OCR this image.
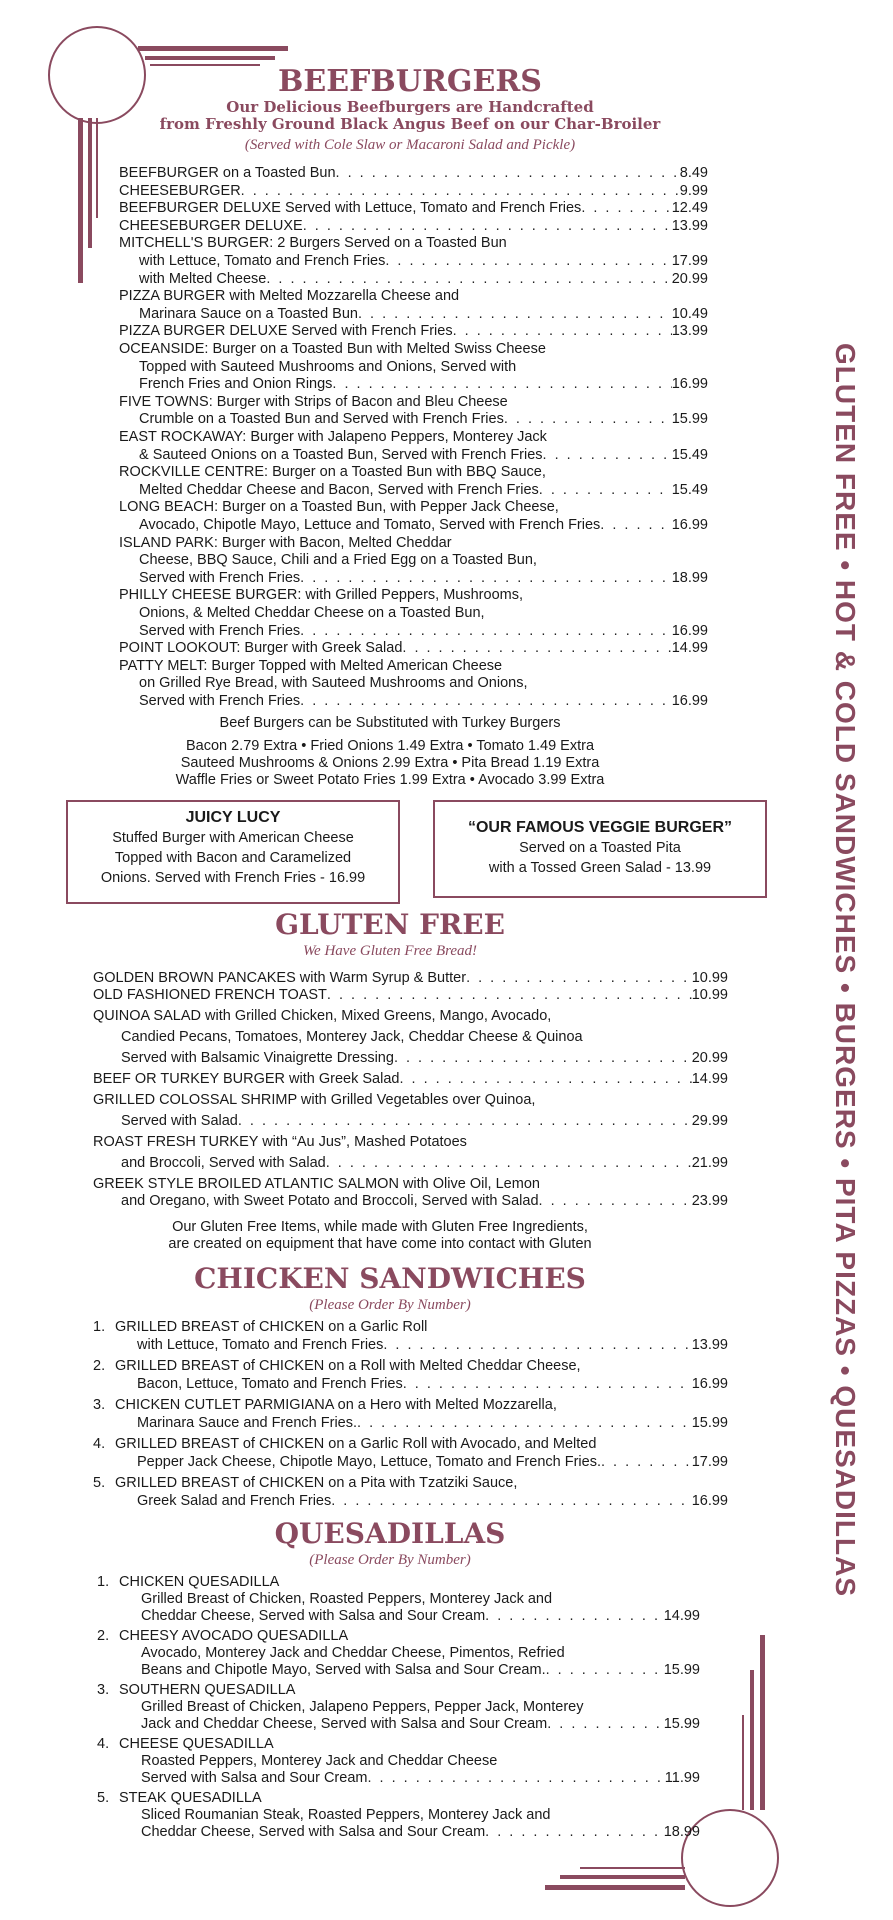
GLUTEN FREE • HOT & COLD SANDWICHES • BURGERS • PITA PIZZAS • QUESADILLAS
BEEFBURGERS
Our Delicious Beefburgers are Handcrafted
from Freshly Ground Black Angus Beef on our Char-Broiler
(Served with Cole Slaw or Macaroni Salad and Pickle)
BEEFBURGER on a Toasted Bun . . .	8.49
CHEESEBURGER . . .	9.99
BEEFBURGER DELUXE Served with Lettuce, Tomato and French Fries . . .	12.49
CHEESEBURGER DELUXE . . .	13.99
MITCHELL'S BURGER: 2 Burgers Served on a Toasted Bun
with Lettuce, Tomato and French Fries . . .	17.99
with Melted Cheese . . .	20.99
PIZZA BURGER with Melted Mozzarella Cheese and
Marinara Sauce on a Toasted Bun . . .	10.49
PIZZA BURGER DELUXE Served with French Fries . . .	13.99
OCEANSIDE: Burger on a Toasted Bun with Melted Swiss Cheese
Topped with Sauteed Mushrooms and Onions, Served with
French Fries and Onion Rings . . .	16.99
FIVE TOWNS: Burger with Strips of Bacon and Bleu Cheese
Crumble on a Toasted Bun and Served with French Fries . . .	15.99
EAST ROCKAWAY: Burger with Jalapeno Peppers, Monterey Jack
& Sauteed Onions on a Toasted Bun, Served with French Fries . . .	15.49
ROCKVILLE CENTRE: Burger on a Toasted Bun with BBQ Sauce,
Melted Cheddar Cheese and Bacon, Served with French Fries . . .	15.49
LONG BEACH: Burger on a Toasted Bun, with Pepper Jack Cheese,
Avocado, Chipotle Mayo, Lettuce and Tomato, Served with French Fries . . .	16.99
ISLAND PARK: Burger with Bacon, Melted Cheddar
Cheese, BBQ Sauce, Chili and a Fried Egg on a Toasted Bun,
Served with French Fries . . .	18.99
PHILLY CHEESE BURGER: with Grilled Peppers, Mushrooms,
Onions, & Melted Cheddar Cheese on a Toasted Bun,
Served with French Fries . . .	16.99
POINT LOOKOUT: Burger with Greek Salad . . .	14.99
PATTY MELT: Burger Topped with Melted American Cheese
on Grilled Rye Bread, with Sauteed Mushrooms and Onions,
Served with French Fries . . .	16.99
Beef Burgers can be Substituted with Turkey Burgers
Bacon 2.79 Extra • Fried Onions 1.49 Extra • Tomato 1.49 Extra
Sauteed Mushrooms & Onions 2.99 Extra • Pita Bread 1.19 Extra
Waffle Fries or Sweet Potato Fries 1.99 Extra • Avocado 3.99 Extra
JUICY LUCY
Stuffed Burger with American Cheese
Topped with Bacon and Caramelized
Onions. Served with French Fries - 16.99
“OUR FAMOUS VEGGIE BURGER”
Served on a Toasted Pita
with a Tossed Green Salad - 13.99
GLUTEN FREE
We Have Gluten Free Bread!
GOLDEN BROWN PANCAKES with Warm Syrup & Butter . . .	10.99
OLD FASHIONED FRENCH TOAST . . .	10.99
QUINOA SALAD with Grilled Chicken, Mixed Greens, Mango, Avocado,
Candied Pecans, Tomatoes, Monterey Jack, Cheddar Cheese & Quinoa
Served with Balsamic Vinaigrette Dressing . . .	20.99
BEEF OR TURKEY BURGER with Greek Salad . . .	14.99
GRILLED COLOSSAL SHRIMP with Grilled Vegetables over Quinoa,
Served with Salad . . .	29.99
ROAST FRESH TURKEY with “Au Jus”, Mashed Potatoes
and Broccoli, Served with Salad . . .	21.99
GREEK STYLE BROILED ATLANTIC SALMON with Olive Oil, Lemon
and Oregano, with Sweet Potato and Broccoli, Served with Salad . . .	23.99
Our Gluten Free Items, while made with Gluten Free Ingredients,
are created on equipment that have come into contact with Gluten
CHICKEN SANDWICHES
(Please Order By Number)
1. GRILLED BREAST of CHICKEN on a Garlic Roll
with Lettuce, Tomato and French Fries . . .	13.99
2. GRILLED BREAST of CHICKEN on a Roll with Melted Cheddar Cheese,
Bacon, Lettuce, Tomato and French Fries . . .	16.99
3. CHICKEN CUTLET PARMIGIANA on a Hero with Melted Mozzarella,
Marinara Sauce and French Fries. . . .	15.99
4. GRILLED BREAST of CHICKEN on a Garlic Roll with Avocado, and Melted
Pepper Jack Cheese, Chipotle Mayo, Lettuce, Tomato and French Fries. . . .	17.99
5. GRILLED BREAST of CHICKEN on a Pita with Tzatziki Sauce,
Greek Salad and French Fries . . .	16.99
QUESADILLAS
(Please Order By Number)
1. CHICKEN QUESADILLA
Grilled Breast of Chicken, Roasted Peppers, Monterey Jack and
Cheddar Cheese, Served with Salsa and Sour Cream . . .	14.99
2. CHEESY AVOCADO QUESADILLA
Avocado, Monterey Jack and Cheddar Cheese, Pimentos, Refried
Beans and Chipotle Mayo, Served with Salsa and Sour Cream. . . .	15.99
3. SOUTHERN QUESADILLA
Grilled Breast of Chicken, Jalapeno Peppers, Pepper Jack, Monterey
Jack and Cheddar Cheese, Served with Salsa and Sour Cream . . .	15.99
4. CHEESE QUESADILLA
Roasted Peppers, Monterey Jack and Cheddar Cheese
Served with Salsa and Sour Cream . . .	11.99
5. STEAK QUESADILLA
Sliced Roumanian Steak, Roasted Peppers, Monterey Jack and
Cheddar Cheese, Served with Salsa and Sour Cream . . .	18.99
